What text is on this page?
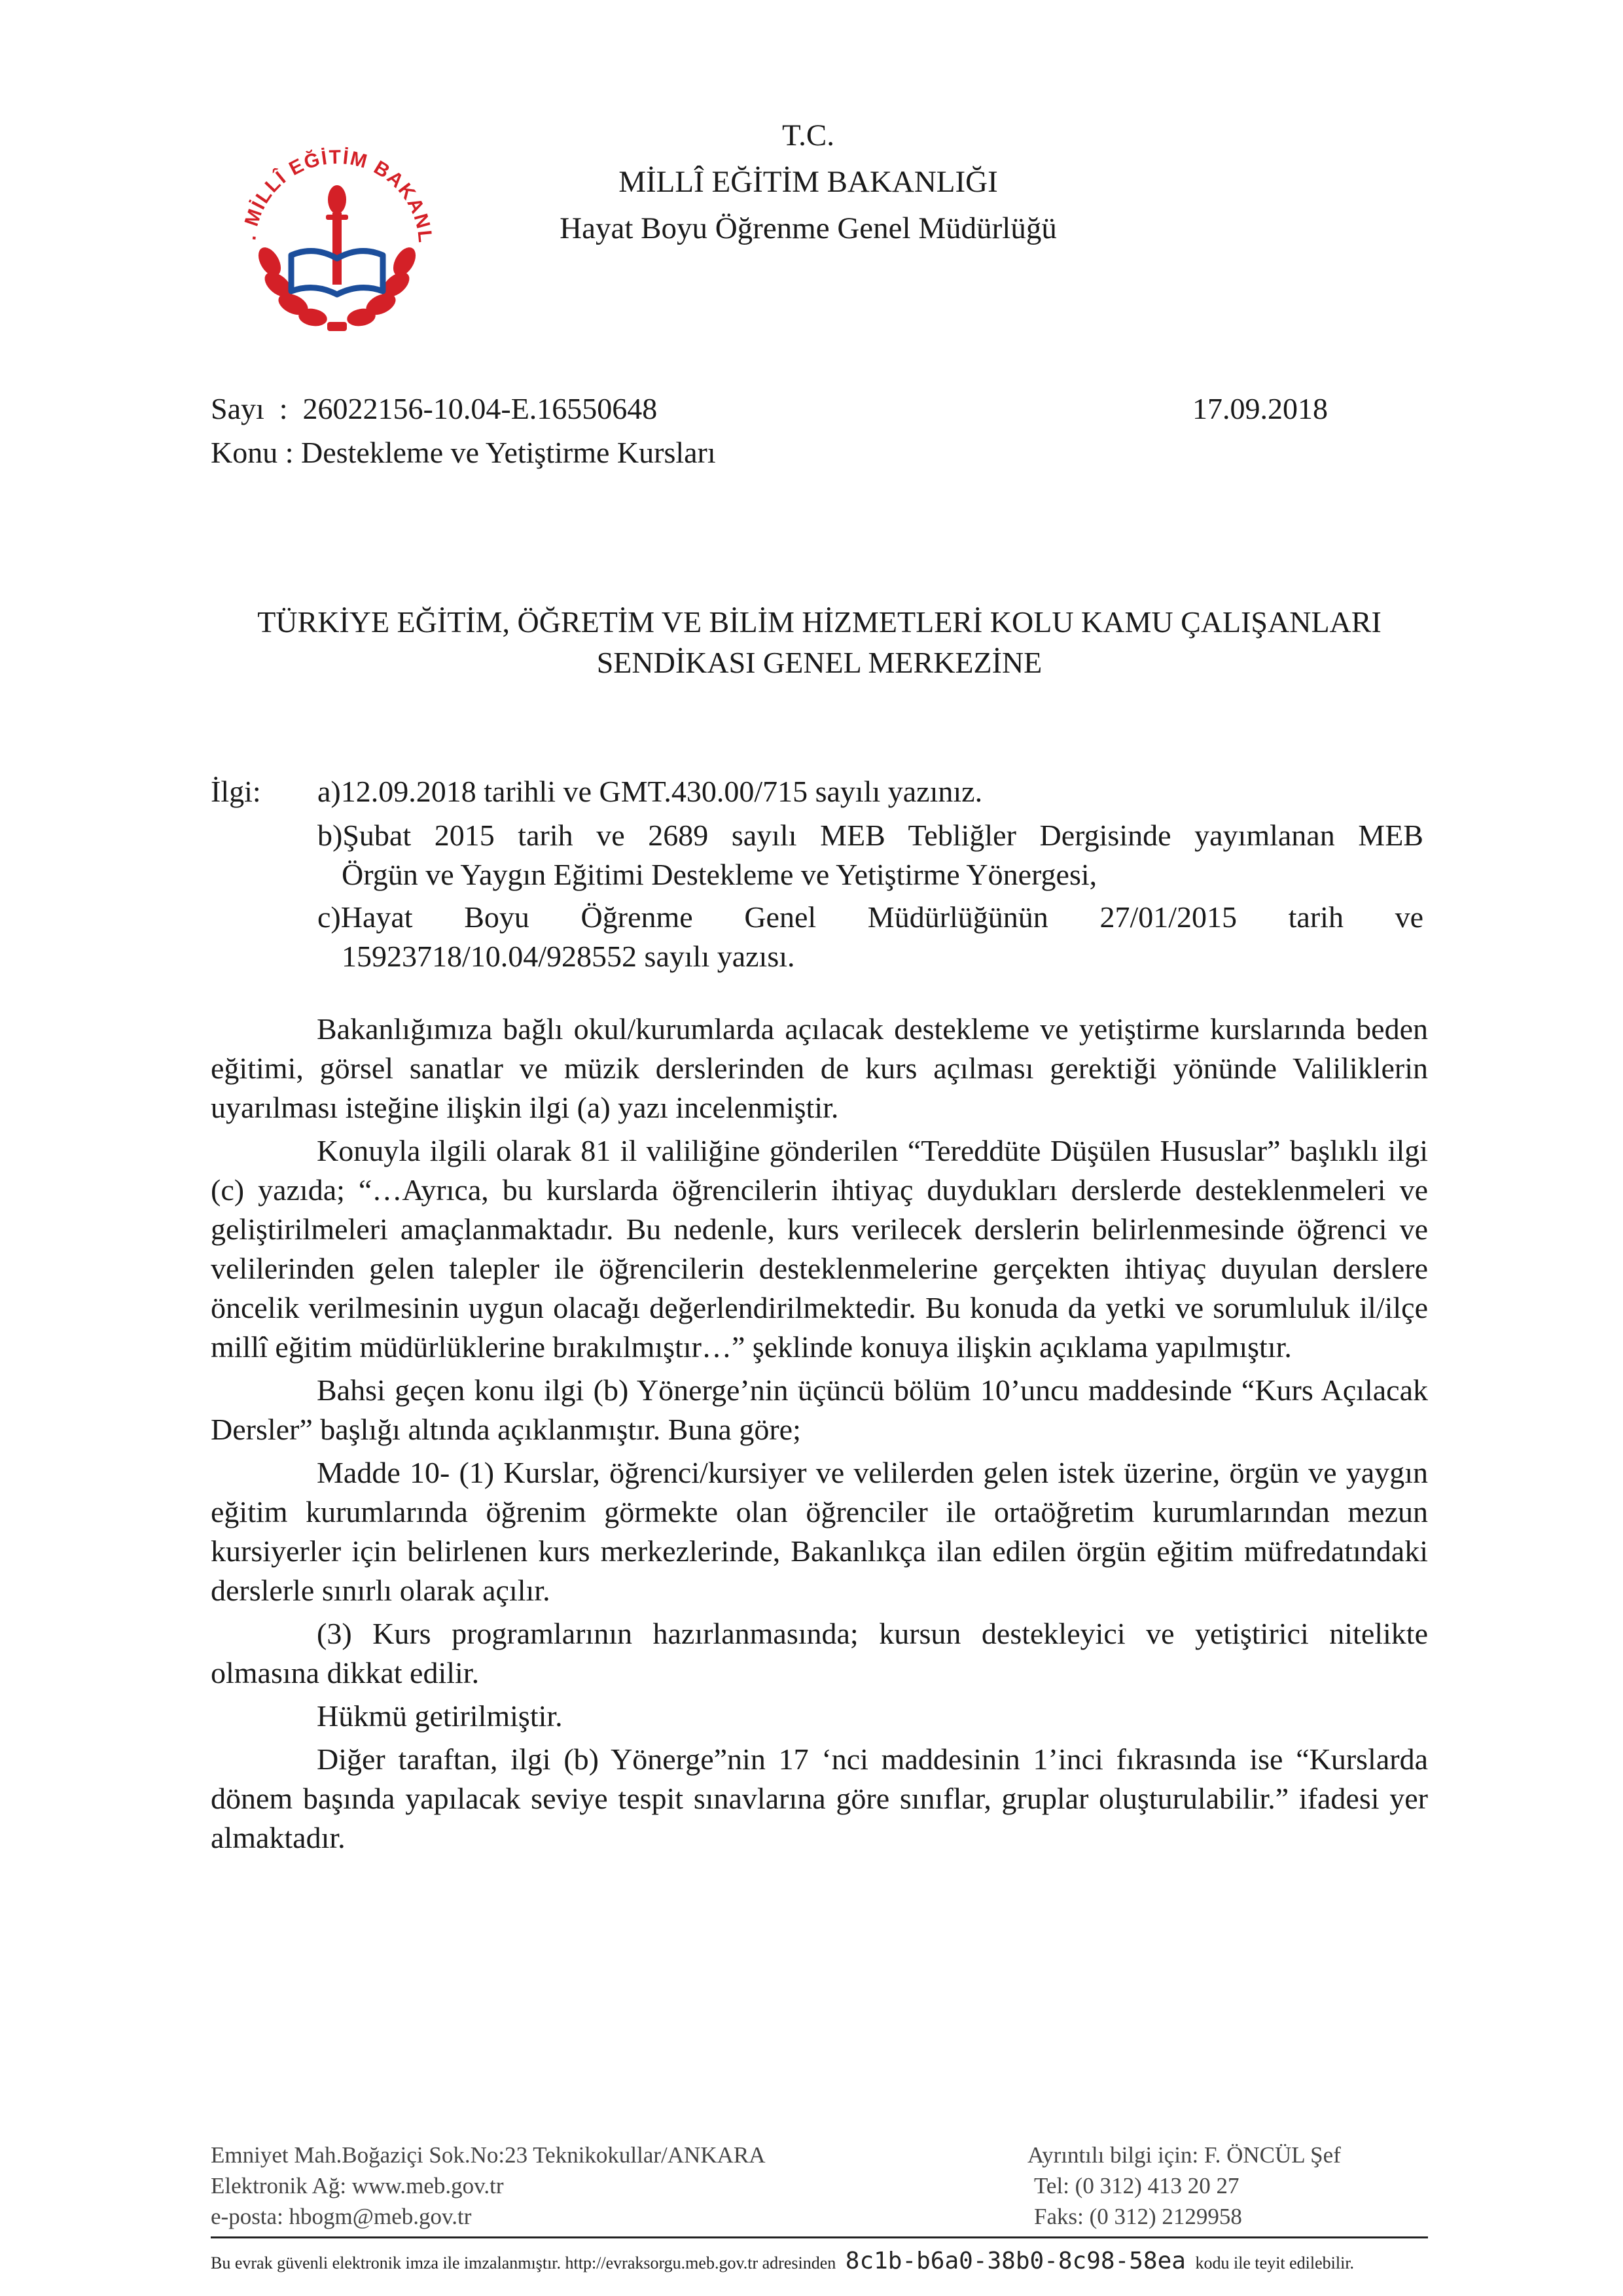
. MİLLÎ EĞİTİM BAKANL
T.C.
MİLLÎ EĞİTİM BAKANLIĞI
Hayat Boyu Öğrenme Genel Müdürlüğü
Sayı  :  26022156-10.04-E.16550648	17.09.2018
Konu : Destekleme ve Yetiştirme Kursları
TÜRKİYE EĞİTİM, ÖĞRETİM VE BİLİM HİZMETLERİ KOLU KAMU ÇALIŞANLARI
SENDİKASI GENEL MERKEZİNE
İlgi: a)12.09.2018 tarihli ve GMT.430.00/715 sayılı yazınız.
b)Şubat 2015 tarih ve 2689 sayılı MEB Tebliğler Dergisinde yayımlanan MEB
Örgün ve Yaygın Eğitimi Destekleme ve Yetiştirme Yönergesi,
c)Hayat Boyu Öğrenme Genel Müdürlüğünün 27/01/2015 tarih ve
15923718/10.04/928552 sayılı yazısı.

Bakanlığımıza bağlı okul/kurumlarda açılacak destekleme ve yetiştirme kurslarında beden eğitimi, görsel sanatlar ve müzik derslerinden de kurs açılması gerektiği yönünde Valiliklerin uyarılması isteğine ilişkin ilgi (a) yazı incelenmiştir.

Konuyla ilgili olarak 81 il valiliğine gönderilen “Tereddüte Düşülen Hususlar” başlıklı ilgi (c) yazıda; “…Ayrıca, bu kurslarda öğrencilerin ihtiyaç duydukları derslerde desteklenmeleri ve geliştirilmeleri amaçlanmaktadır. Bu nedenle, kurs verilecek derslerin belirlenmesinde öğrenci ve velilerinden gelen talepler ile öğrencilerin desteklenmelerine gerçekten ihtiyaç duyulan derslere öncelik verilmesinin uygun olacağı değerlendirilmektedir. Bu konuda da yetki ve sorumluluk il/ilçe millî eğitim müdürlüklerine bırakılmıştır…” şeklinde konuya ilişkin açıklama yapılmıştır.

Bahsi geçen konu ilgi (b) Yönerge’nin üçüncü bölüm 10’uncu maddesinde “Kurs Açılacak Dersler” başlığı altında açıklanmıştır. Buna göre;

Madde 10- (1) Kurslar, öğrenci/kursiyer ve velilerden gelen istek üzerine, örgün ve yaygın eğitim kurumlarında öğrenim görmekte olan öğrenciler ile ortaöğretim kurumlarından mezun kursiyerler için belirlenen kurs merkezlerinde, Bakanlıkça ilan edilen örgün eğitim müfredatındaki derslerle sınırlı olarak açılır.

(3) Kurs programlarının hazırlanmasında; kursun destekleyici ve yetiştirici nitelikte olmasına dikkat edilir.

Hükmü getirilmiştir.

Diğer taraftan, ilgi (b) Yönerge”nin 17 ‘nci maddesinin 1’inci fıkrasında ise “Kurslarda dönem başında yapılacak seviye tespit sınavlarına göre sınıflar, gruplar oluşturulabilir.” ifadesi yer almaktadır.

Emniyet Mah.Boğaziçi Sok.No:23 Teknikokullar/ANKARA
Elektronik Ağ: www.meb.gov.tr
e-posta: hbogm@meb.gov.tr
Ayrıntılı bilgi için: F. ÖNCÜL Şef
Tel: (0 312) 413 20 27
Faks: (0 312) 2129958
Bu evrak güvenli elektronik imza ile imzalanmıştır. http://evraksorgu.meb.gov.tr adresinden 8c1b-b6a0-38b0-8c98-58ea kodu ile teyit edilebilir.
